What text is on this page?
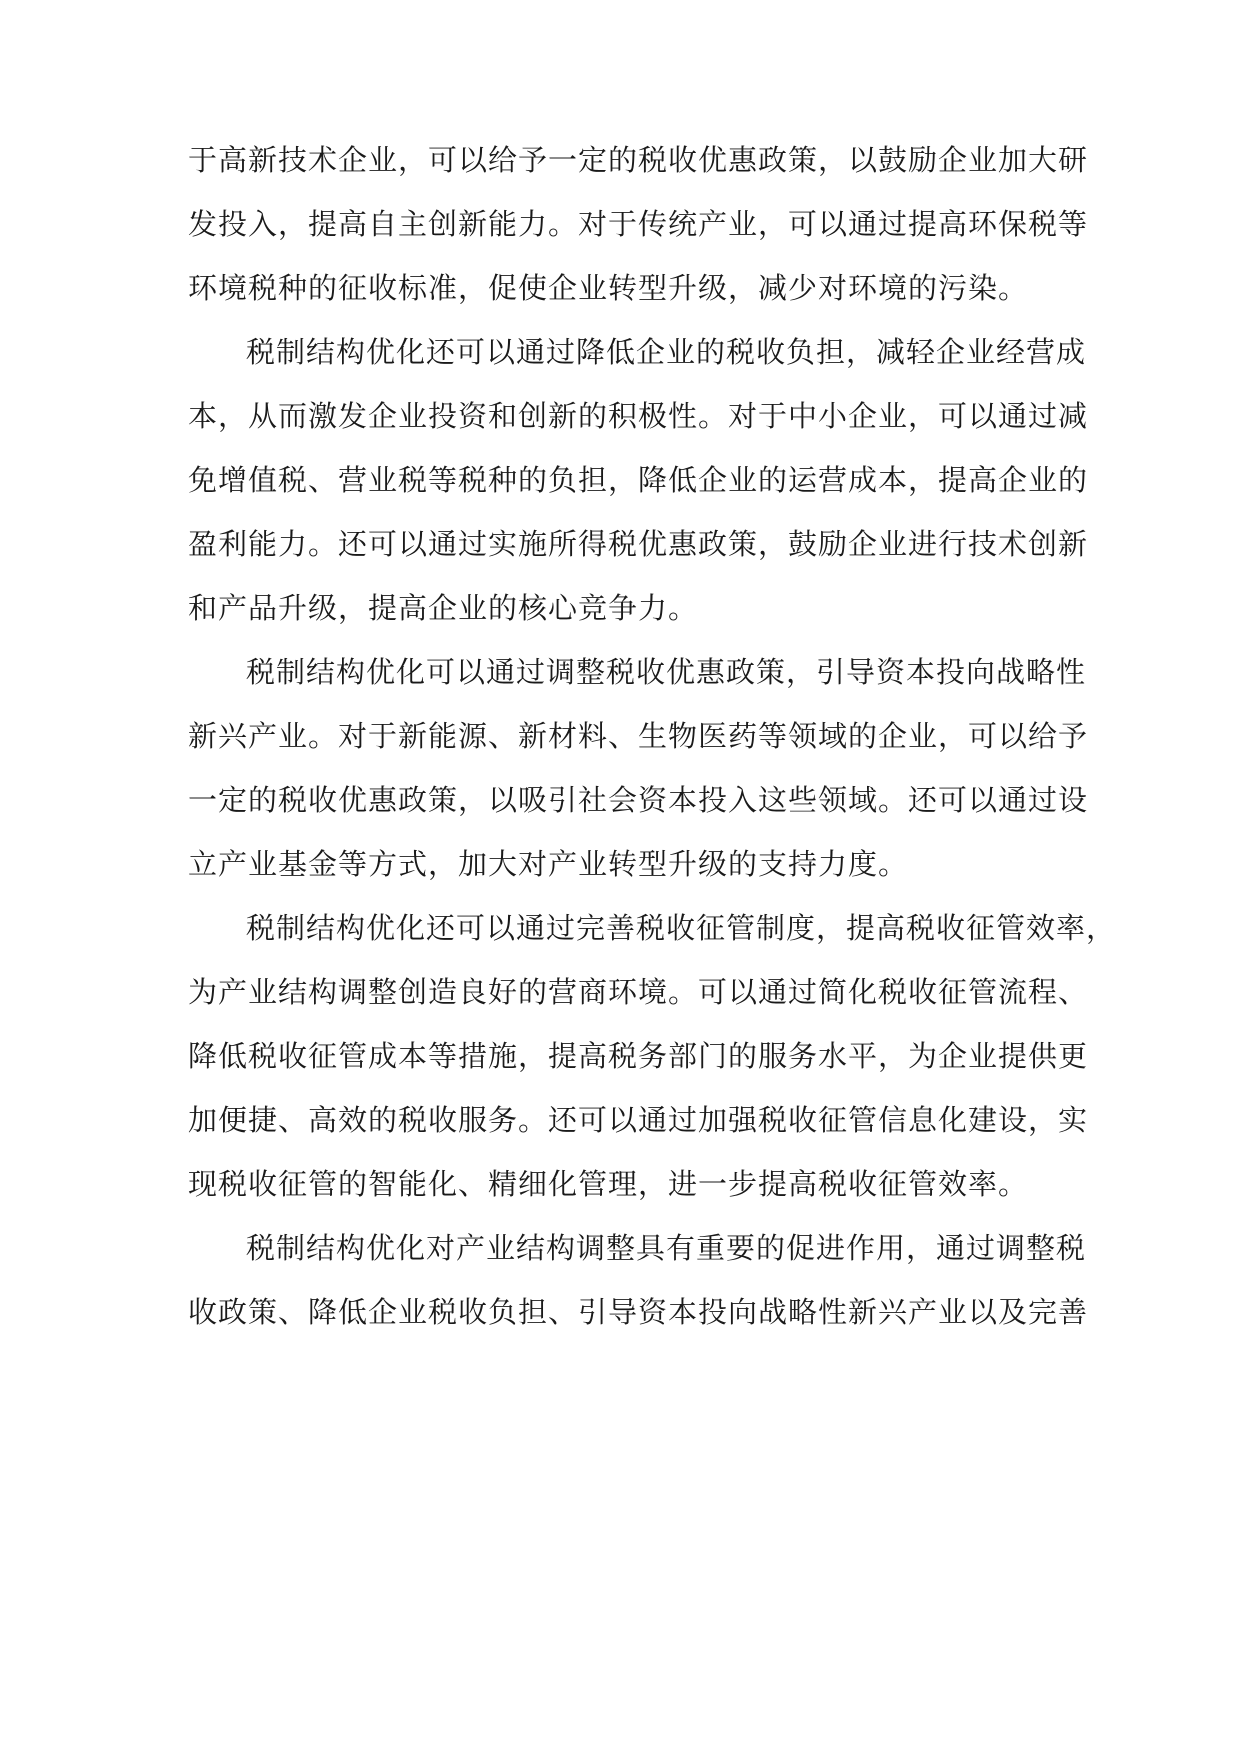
于高新技术企业，可以给予一定的税收优惠政策，以鼓励企业加大研
发投入，提高自主创新能力。对于传统产业，可以通过提高环保税等
环境税种的征收标准，促使企业转型升级，减少对环境的污染。
税制结构优化还可以通过降低企业的税收负担，减轻企业经营成
本，从而激发企业投资和创新的积极性。对于中小企业，可以通过减
免增值税、营业税等税种的负担，降低企业的运营成本，提高企业的
盈利能力。还可以通过实施所得税优惠政策，鼓励企业进行技术创新
和产品升级，提高企业的核心竞争力。
税制结构优化可以通过调整税收优惠政策，引导资本投向战略性
新兴产业。对于新能源、新材料、生物医药等领域的企业，可以给予
一定的税收优惠政策，以吸引社会资本投入这些领域。还可以通过设
立产业基金等方式，加大对产业转型升级的支持力度。
税制结构优化还可以通过完善税收征管制度，提高税收征管效率，
为产业结构调整创造良好的营商环境。可以通过简化税收征管流程、
降低税收征管成本等措施，提高税务部门的服务水平，为企业提供更
加便捷、高效的税收服务。还可以通过加强税收征管信息化建设，实
现税收征管的智能化、精细化管理，进一步提高税收征管效率。
税制结构优化对产业结构调整具有重要的促进作用，通过调整税
收政策、降低企业税收负担、引导资本投向战略性新兴产业以及完善
